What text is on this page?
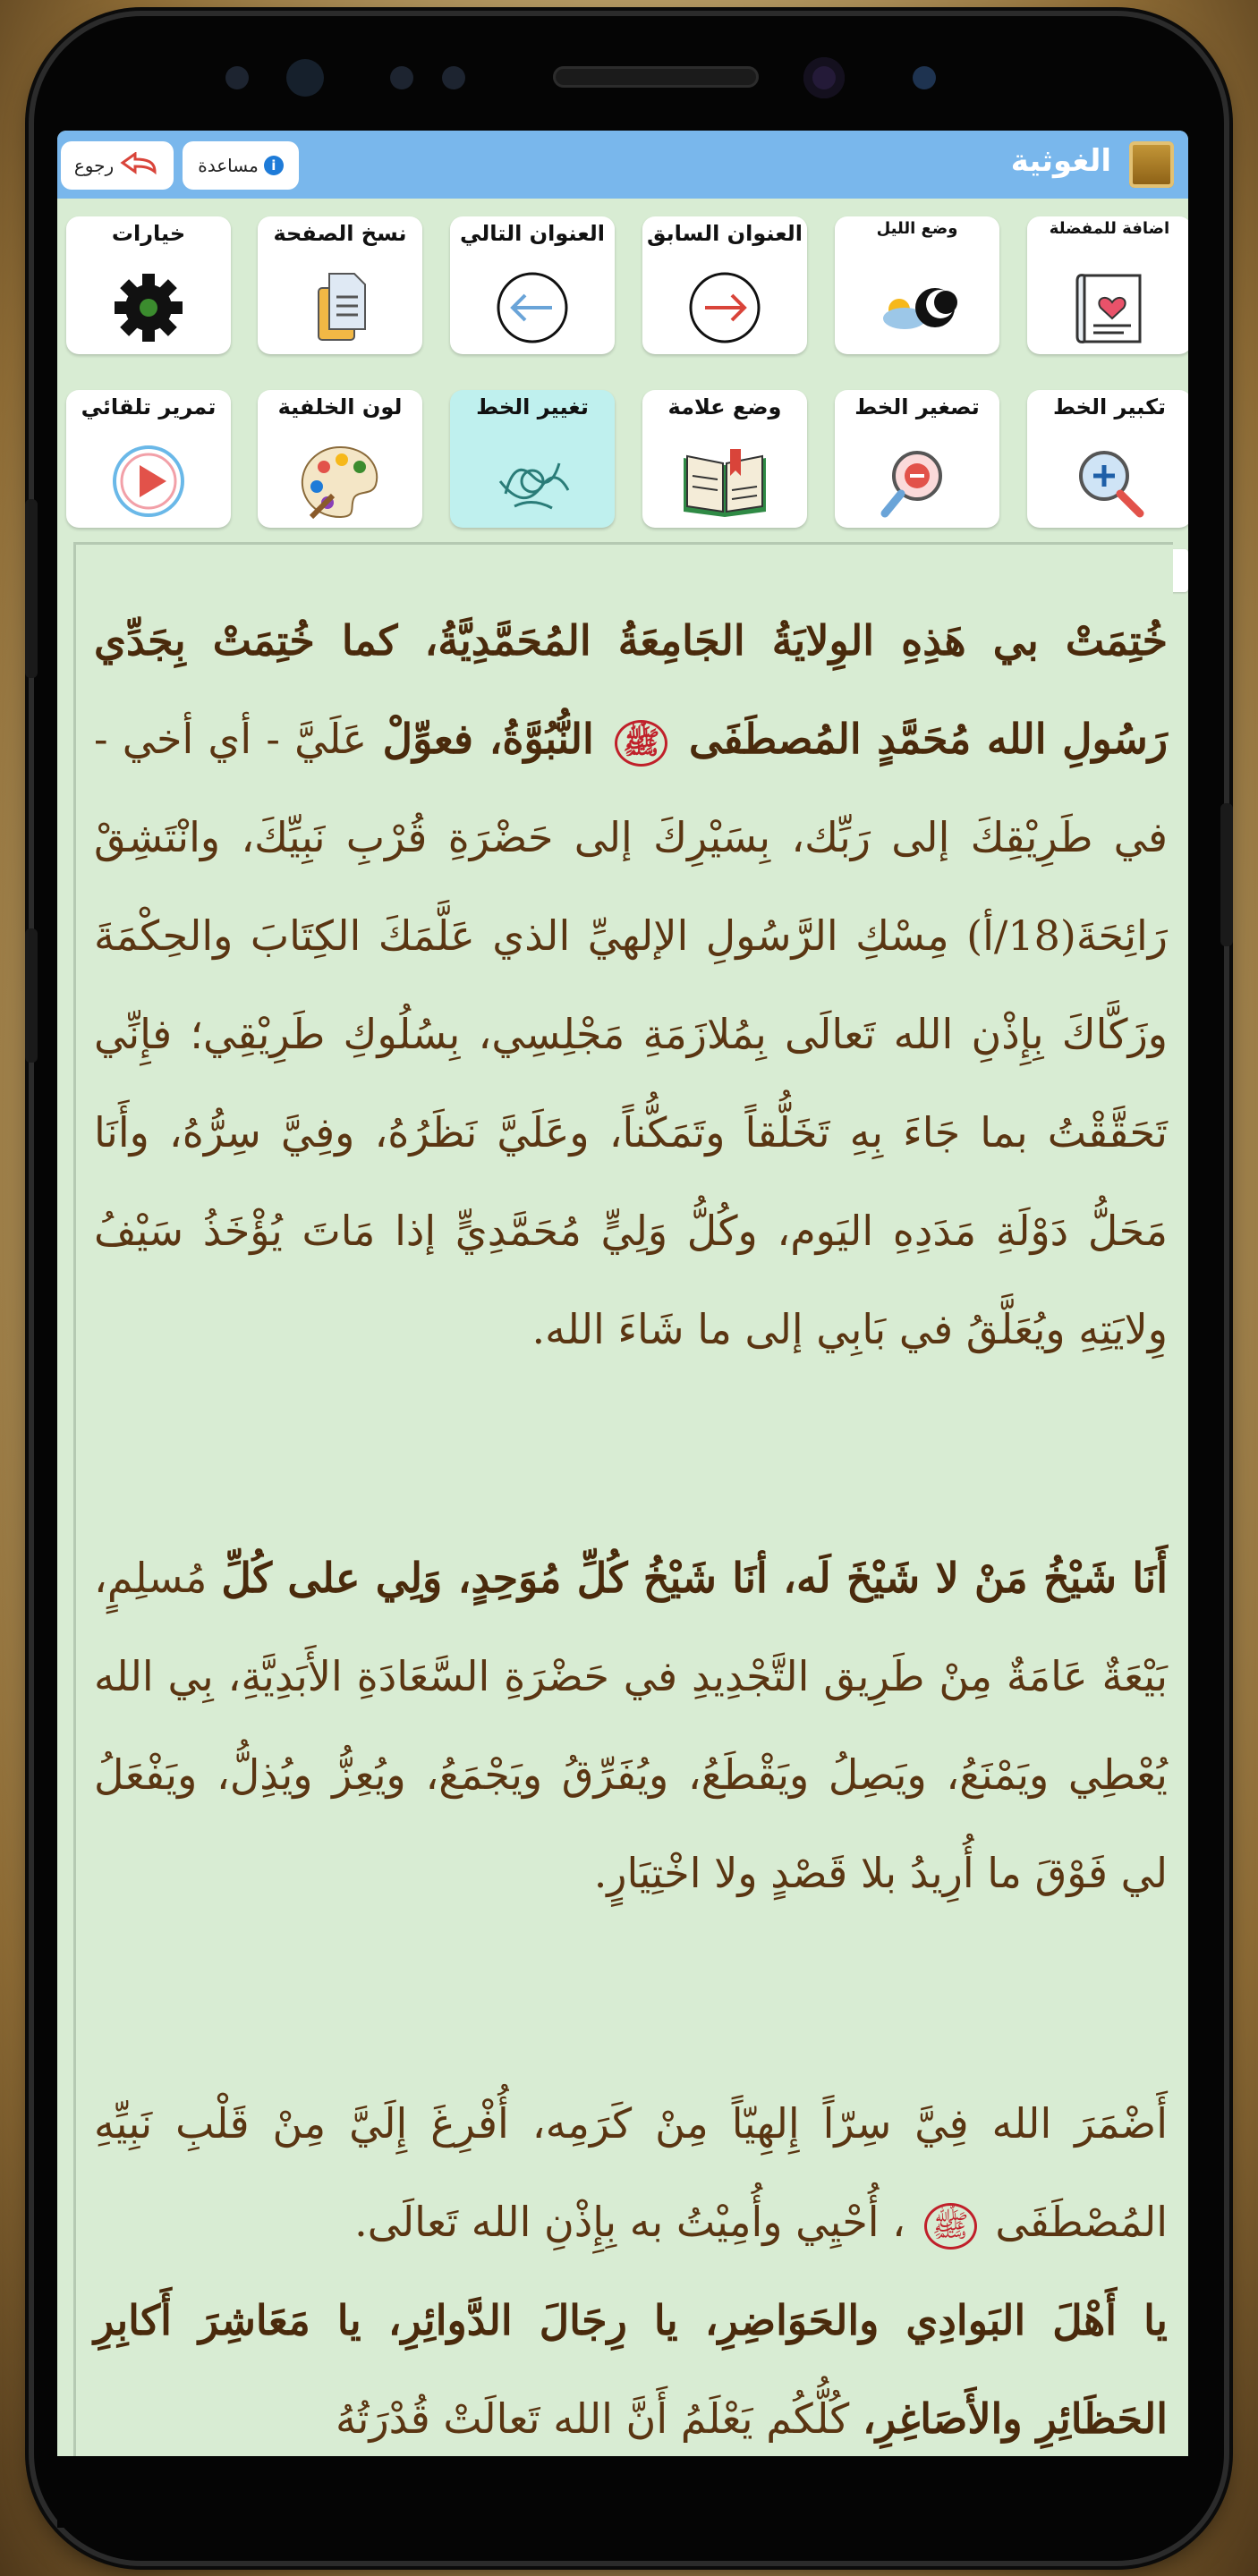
الغوثية
i
مساعدة
رجوع
اضافة للمفضلة
وضع الليل
العنوان السابق
العنوان التالي
نسخ الصفحة
خيارات
تكبير الخط
تصغير الخط
وضع علامة
تغيير الخط
لون الخلفية
تمرير تلقائي
خُتِمَتْ بي هَذِهِ الوِلايَةُ الجَامِعَةُ المُحَمَّدِيَّةُ، كما خُتِمَتْ بِجَدِّي رَسُولِ الله مُحَمَّدٍ المُصطَفَى ﷺ النُّبُوَّةُ، فعوِّلْ عَلَيَّ - أي أخي - في طَرِيْقِكَ إلى رَبِّك، بِسَيْرِكَ إلى حَضْرَةِ قُرْبِ نَبِيِّكَ، وانْتَشِقْ رَائِحَةَ(18/أ) مِسْكِ الرَّسُولِ الإلهيِّ الذي عَلَّمَكَ الكِتَابَ والحِكْمَةَ وزَكَّاكَ بِإِذْنِ الله تَعالَى بِمُلازَمَةِ مَجْلِسِي، بِسُلُوكِ طَرِيْقِي؛ فإِنِّي تَحَقَّقْتُ بما جَاءَ بِهِ تَخَلُّقاً وتَمَكُّناً، وعَلَيَّ نَظَرُهُ، وفِيَّ سِرُّهُ، وأَنَا مَحَلُّ دَوْلَةِ مَدَدِهِ اليَوم، وكُلُّ وَلِيٍّ مُحَمَّدِيٍّ إذا مَاتَ يُؤْخَذُ سَيْفُ وِلايَتِهِ ويُعَلَّقُ في بَابِي إلى ما شَاءَ الله.
أَنَا شَيْخُ مَنْ لا شَيْخَ لَه، أنَا شَيْخُ كُلِّ مُوَحِدٍ، وَلِي على كُلِّ مُسلِمٍ، بَيْعَةٌ عَامَةٌ مِنْ طَرِيق التَّجْدِيدِ في حَضْرَةِ السَّعَادَةِ الأَبَدِيَّةِ، بِي الله يُعْطِي ويَمْنَعُ، ويَصِلُ ويَقْطَعُ، ويُفَرِّقُ ويَجْمَعُ، ويُعِزُّ ويُذِلُّ، ويَفْعَلُ لي فَوْقَ ما أُرِيدُ بلا قَصْدٍ ولا اخْتِيَارٍ.
أَضْمَرَ الله فِيَّ سِرّاً إِلهِيّاً مِنْ كَرَمِه، أُفْرِغَ إِلَيَّ مِنْ قَلْبِ نَبِيِّهِ المُصْطَفَى ﷺ ، أُحْيِي وأُمِيْتُ به بِإِذْنِ الله تَعالَى.
يا أَهْلَ البَوادِي والحَوَاضِرِ، يا رِجَالَ الدَّوائِرِ، يا مَعَاشِرَ أَكابِرِ الحَظَائِرِ والأَصَاغِرِ، كُلُّكُم يَعْلَمُ أَنَّ الله تَعالَتْ قُدْرَتُهُ
